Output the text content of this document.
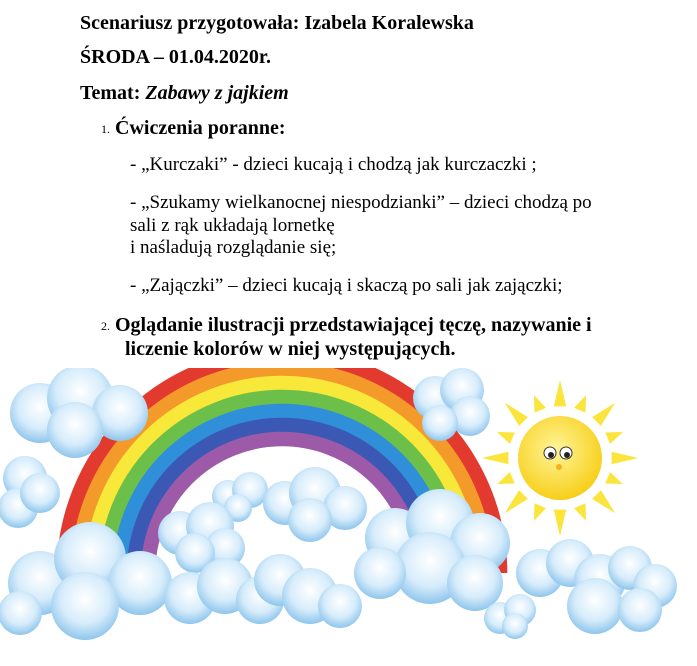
Scenariusz przygotowała: Izabela Koralewska
ŚRODA – 01.04.2020r.
Temat: Zabawy z jajkiem
1. Ćwiczenia poranne:
- „Kurczaki” - dzieci kucają i chodzą jak kurczaczki ;
- „Szukamy wielkanocnej niespodzianki” – dzieci chodzą po
sali z rąk układają lornetkę
i naśladują rozglądanie się;
- „Zajączki” – dzieci kucają i skaczą po sali jak zajączki;
2. Oglądanie ilustracji przedstawiającej tęczę, nazywanie i
liczenie kolorów w niej występujących.
